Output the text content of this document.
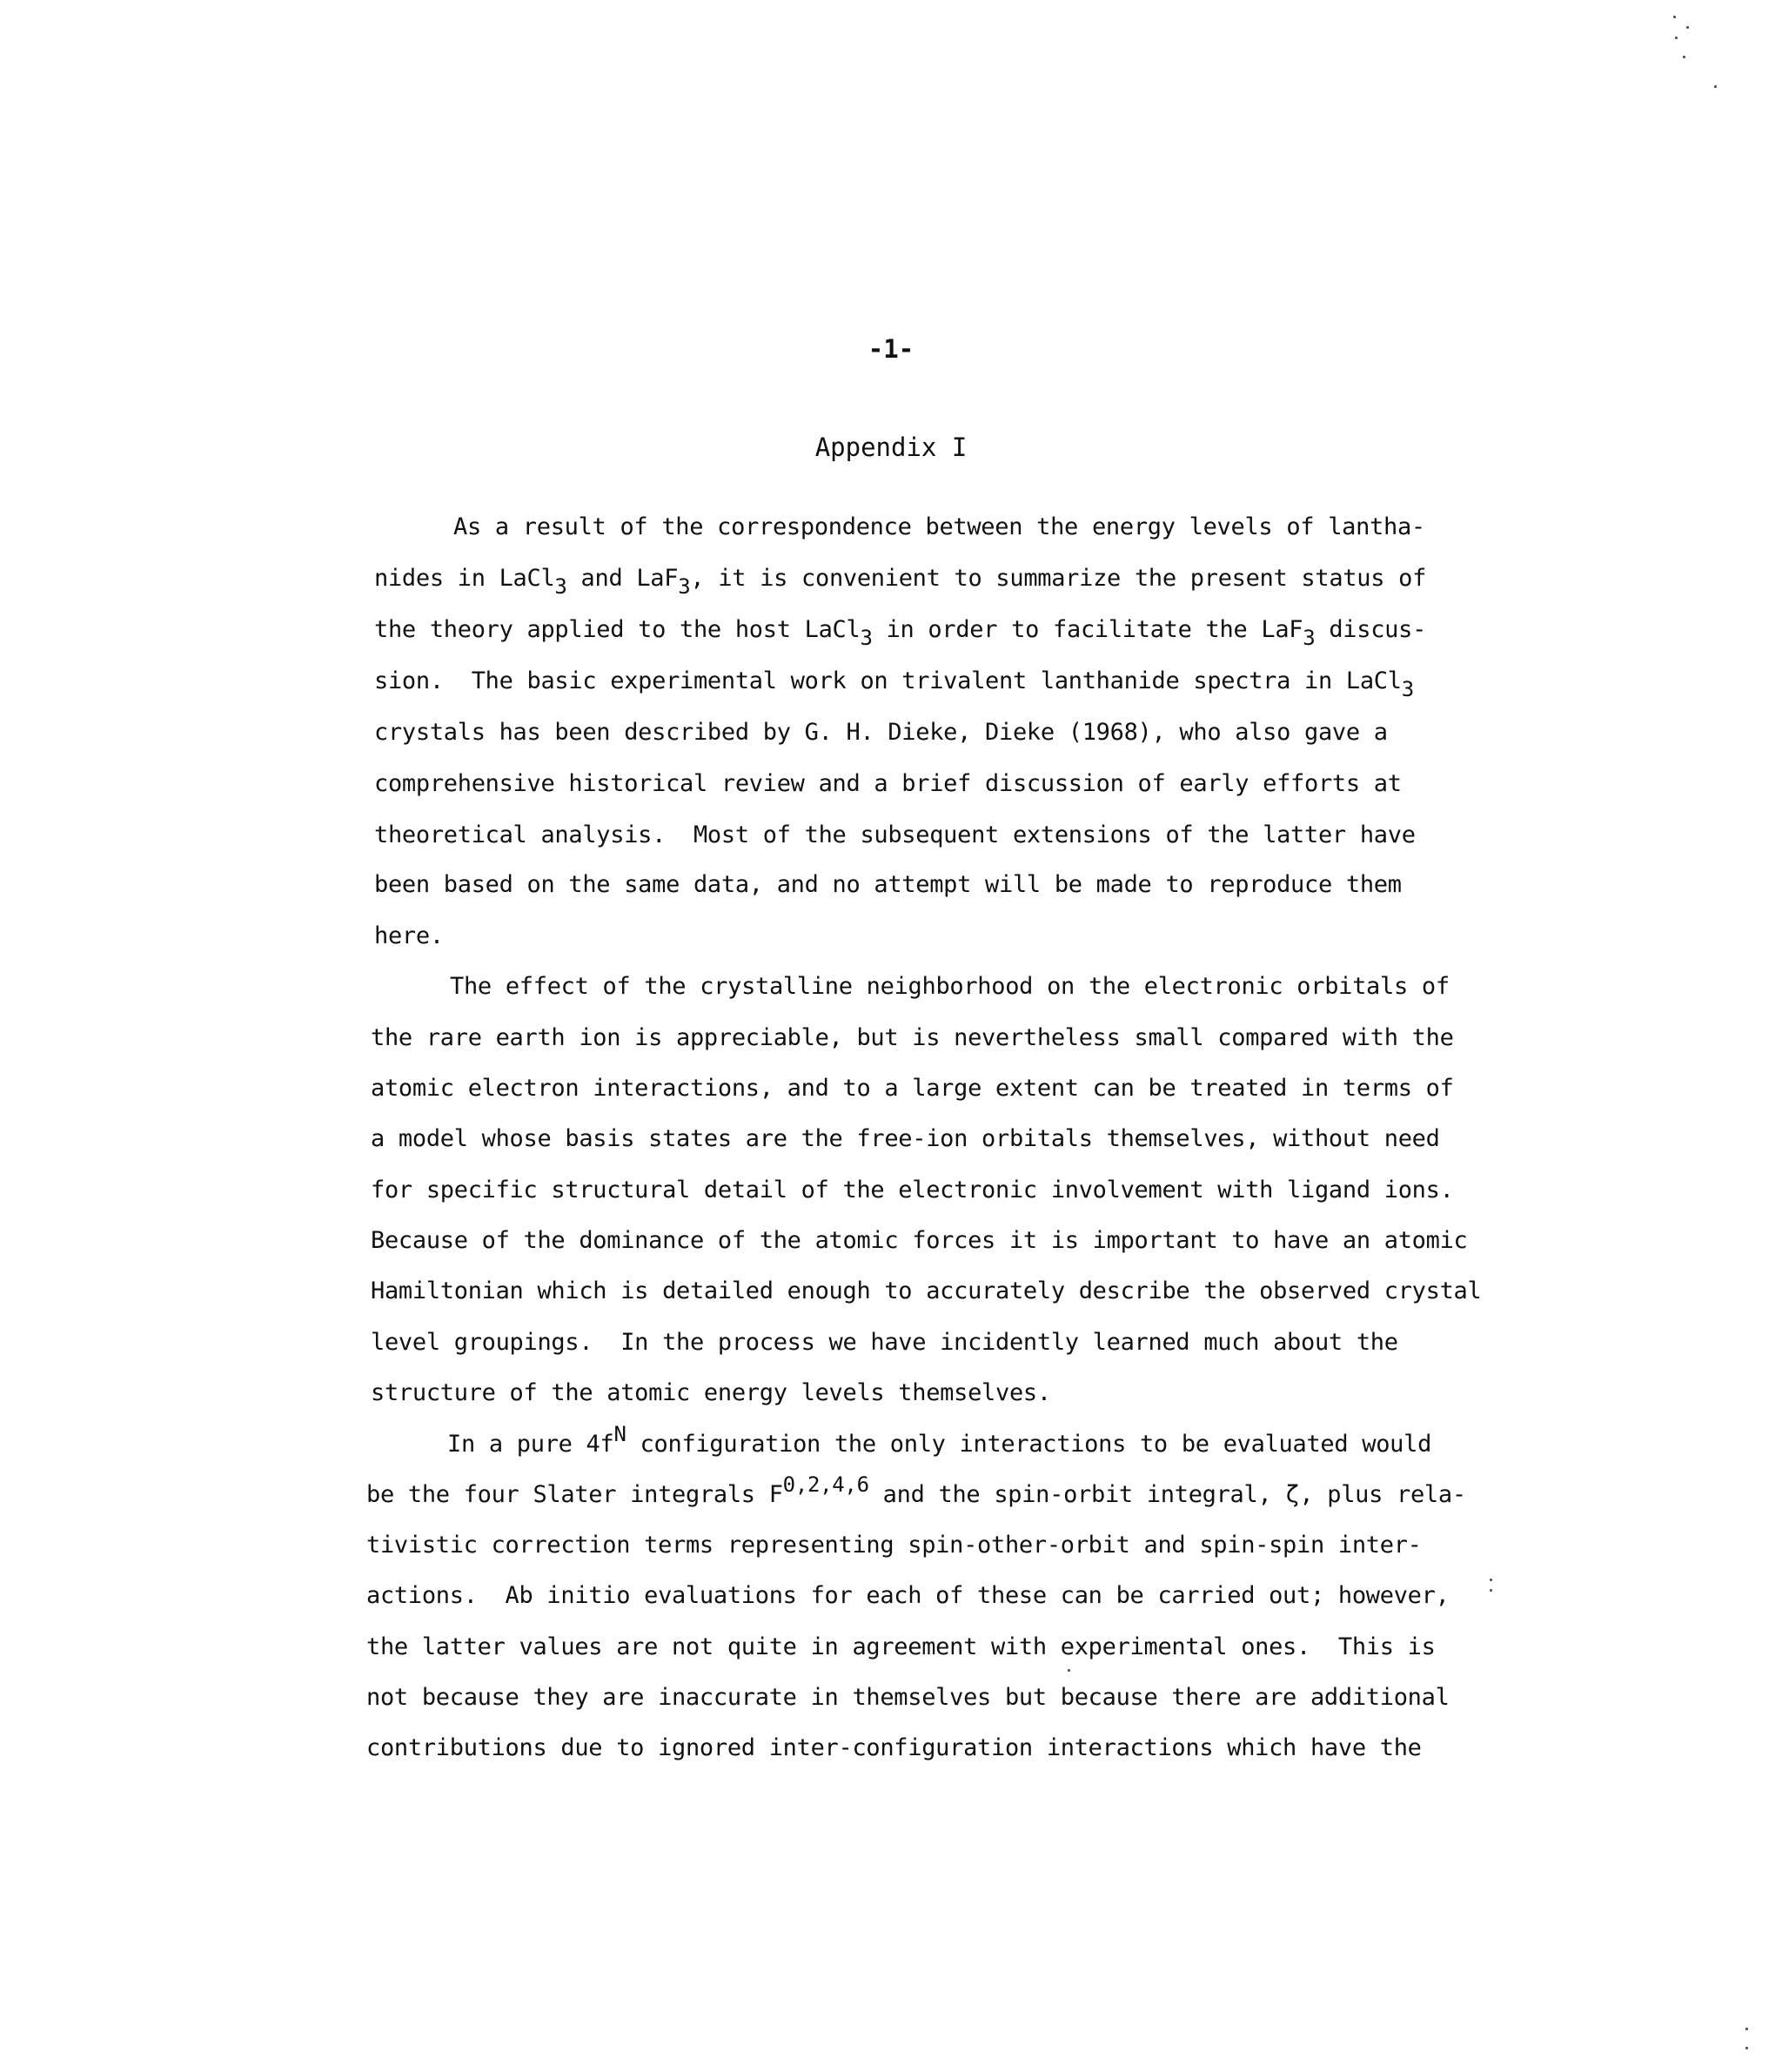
-1-
Appendix I
As a result of the correspondence between the energy levels of lantha-
nides in LaCl$_3$ and LaF$_3$, it is convenient to summarize the present status of
the theory applied to the host LaCl$_3$ in order to facilitate the LaF$_3$ discus-
sion.  The basic experimental work on trivalent lanthanide spectra in LaCl$_3$
crystals has been described by G. H. Dieke, Dieke (1968), who also gave a
comprehensive historical review and a brief discussion of early efforts at
theoretical analysis.  Most of the subsequent extensions of the latter have
been based on the same data, and no attempt will be made to reproduce them
here.
The effect of the crystalline neighborhood on the electronic orbitals of
the rare earth ion is appreciable, but is nevertheless small compared with the
atomic electron interactions, and to a large extent can be treated in terms of
a model whose basis states are the free-ion orbitals themselves, without need
for specific structural detail of the electronic involvement with ligand ions.
Because of the dominance of the atomic forces it is important to have an atomic
Hamiltonian which is detailed enough to accurately describe the observed crystal
level groupings.  In the process we have incidently learned much about the
structure of the atomic energy levels themselves.
In a pure $4f^N$ configuration the only interactions to be evaluated would
be the four Slater integrals F$^{0,2,4,6}$ and the spin-orbit integral, ζ, plus rela-
tivistic correction terms representing spin-other-orbit and spin-spin inter-
actions.  Ab initio evaluations for each of these can be carried out; however,
the latter values are not quite in agreement with experimental ones.  This is
not because they are inaccurate in themselves but because there are additional
contributions due to ignored inter-configuration interactions which have the
